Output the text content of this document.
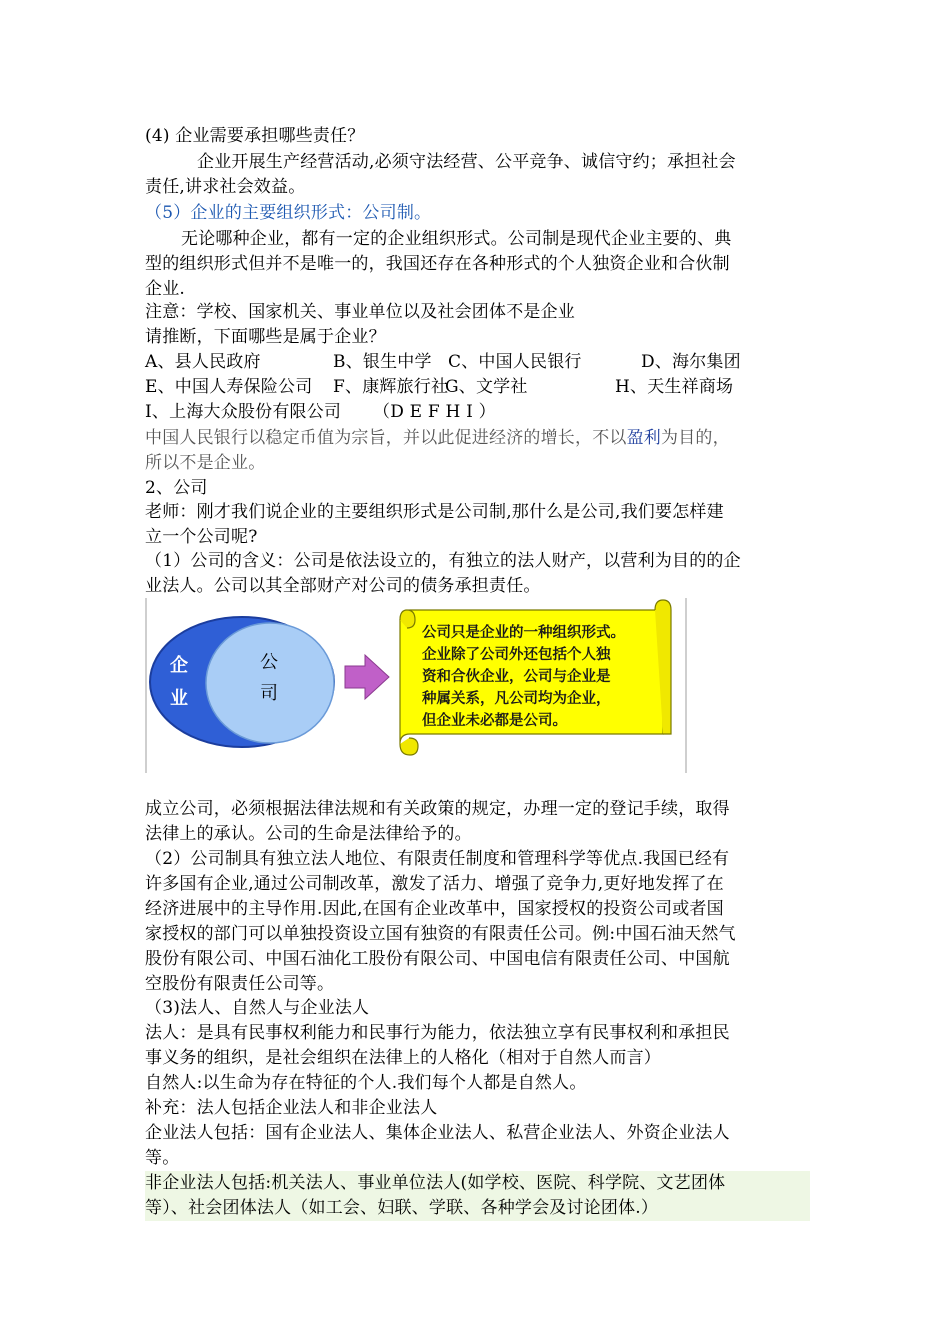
(4) 企业需要承担哪些责任？
企业开展生产经营活动,必须守法经营、公平竞争、诚信守约；承担社会
责任,讲求社会效益。
（5）企业的主要组织形式：公司制。
无论哪种企业，都有一定的企业组织形式。公司制是现代企业主要的、典
型的组织形式但并不是唯一的，我国还存在各种形式的个人独资企业和合伙制
企业.
注意：学校、国家机关、事业单位以及社会团体不是企业
请推断，下面哪些是属于企业？
A、县人民政府	B、银生中学 C、中国人民银行	D、海尔集团
E、中国人寿保险公司 F、康辉旅行社
G、文学社	H、天生祥商场
I、上海大众股份有限公司 （D E F H I ）
中国人民银行以稳定币值为宗旨，并以此促进经济的增长，不以盈利为目的，
所以不是企业。
2、公司
老师：刚才我们说企业的主要组织形式是公司制,那什么是公司,我们要怎样建
立一个公司呢?
（1）公司的含义：公司是依法设立的，有独立的法人财产，以营利为目的的企
业法人。公司以其全部财产对公司的债务承担责任。
企
业
公
司
公司只是企业的一种组织形式。
企业除了公司外还包括个人独
资和合伙企业，公司与企业是
种属关系，凡公司均为企业，
但企业未必都是公司。
成立公司，必须根据法律法规和有关政策的规定，办理一定的登记手续，取得
法律上的承认。公司的生命是法律给予的。
（2）公司制具有独立法人地位、有限责任制度和管理科学等优点.我国已经有
许多国有企业,通过公司制改革，激发了活力、增强了竞争力,更好地发挥了在
经济进展中的主导作用.因此,在国有企业改革中，国家授权的投资公司或者国
家授权的部门可以单独投资设立国有独资的有限责任公司。例:中国石油天然气
股份有限公司、中国石油化工股份有限公司、中国电信有限责任公司、中国航
空股份有限责任公司等。
（3)法人、自然人与企业法人
法人：是具有民事权利能力和民事行为能力，依法独立享有民事权利和承担民
事义务的组织，是社会组织在法律上的人格化（相对于自然人而言）
自然人:以生命为存在特征的个人.我们每个人都是自然人。
补充：法人包括企业法人和非企业法人
企业法人包括：国有企业法人、集体企业法人、私营企业法人、外资企业法人
等。
非企业法人包括:机关法人、事业单位法人(如学校、医院、科学院、文艺团体
等）、社会团体法人（如工会、妇联、学联、各种学会及讨论团体.）
